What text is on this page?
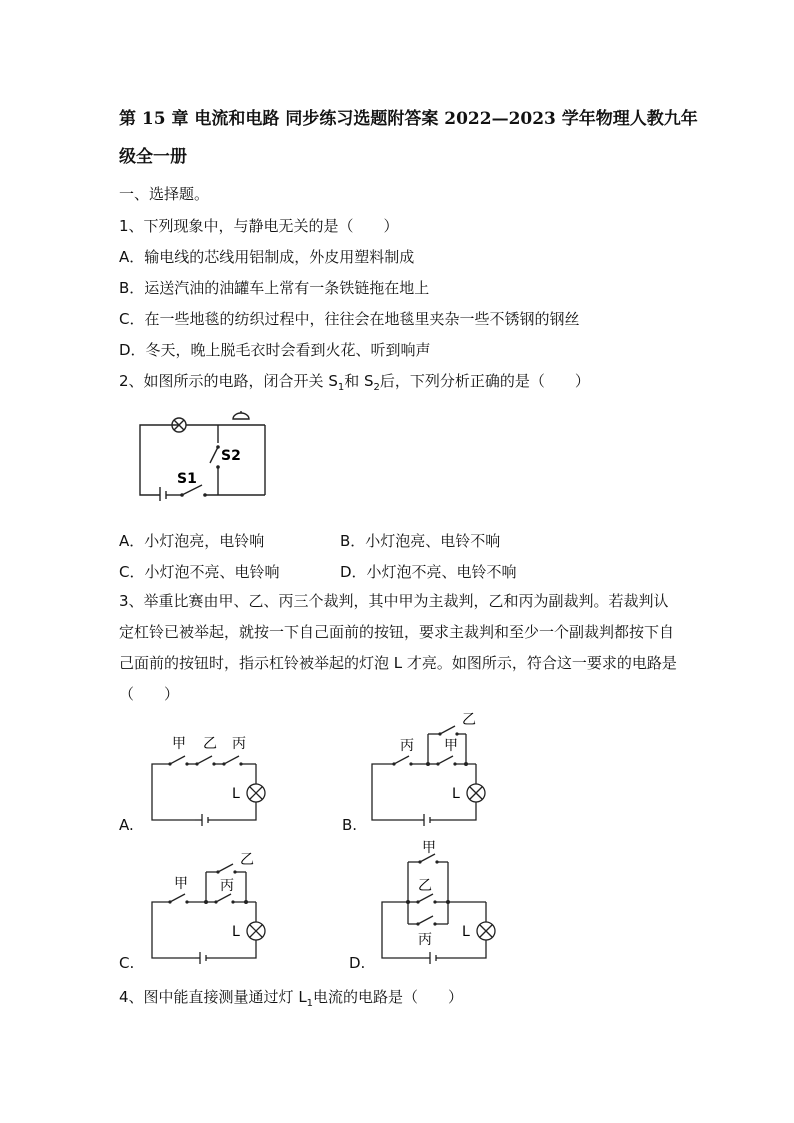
第 15 章 电流和电路 同步练习选题附答案 2022—2023 学年物理人教九年级全一册
一、选择题。
1、下列现象中，与静电无关的是（　　）
A．输电线的芯线用铝制成，外皮用塑料制成
B．运送汽油的油罐车上常有一条铁链拖在地上
C．在一些地毯的纺织过程中，往往会在地毯里夹杂一些不锈钢的钢丝
D．冬天，晚上脱毛衣时会看到火花、听到响声
2、如图所示的电路，闭合开关 $S_1$和 $S_2$后，下列分析正确的是（　　）
S1
S2
A．小灯泡亮，电铃响	B．小灯泡亮、电铃不响
C．小灯泡不亮、电铃响	D．小灯泡不亮、电铃不响
3、举重比赛由甲、乙、丙三个裁判，其中甲为主裁判，乙和丙为副裁判。若裁判认定杠铃已被举起，就按一下自己面前的按钮，要求主裁判和至少一个副裁判都按下自己面前的按钮时，指示杠铃被举起的灯泡 L 才亮。如图所示，符合这一要求的电路是（　　）
甲 乙 丙
L
A.
丙
乙
甲
L
B.
甲
乙
丙
L
C.
甲
乙
丙 L
D.
4、图中能直接测量通过灯 $L_1$电流的电路是（　　）
